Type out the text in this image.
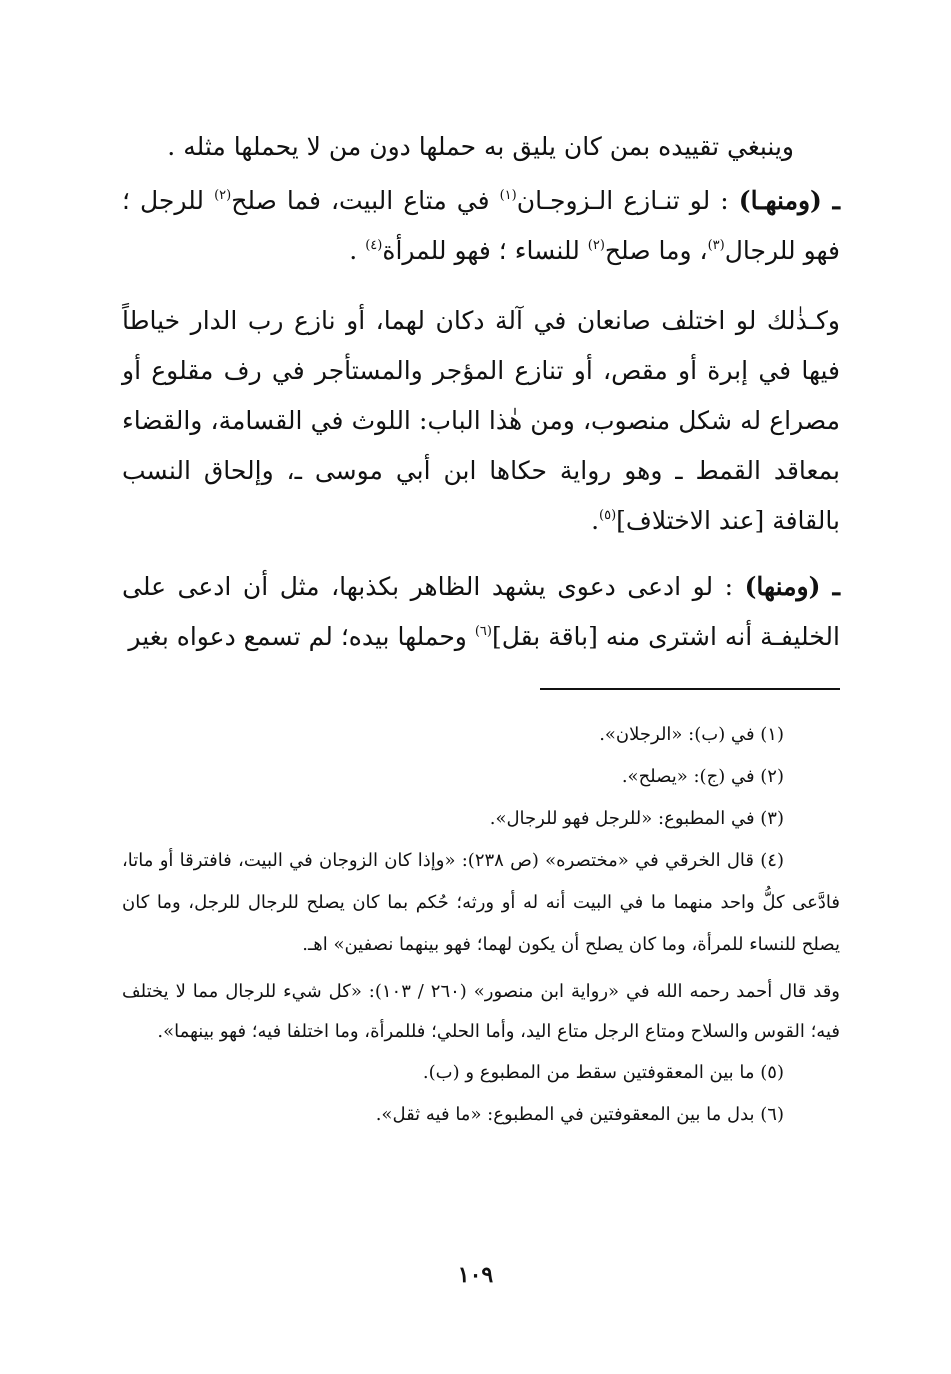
وينبغي تقييده بمن كان يليق به حملها دون من لا يحملها مثله .

ـ (ومنهـا) : لو تنـازع الـزوجـان$^{(١)}$ في متاع البيت، فما صلح$^{(٢)}$ للرجل ؛ فهو للرجال$^{(٣)}$، وما صلح$^{(٢)}$ للنساء ؛ فهو للمرأة$^{(٤)}$ .

وكـذٰلك لو اختلف صانعان في آلة دكان لهما، أو نازع رب الدار خياطاً فيها في إبرة أو مقص، أو تنازع المؤجر والمستأجر في رف مقلوع أو مصراع له شكل منصوب، ومن هٰذا الباب: اللوث في القسامة، والقضاء بمعاقد القمط ـ وهو رواية حكاها ابن أبي موسى ـ، وإلحاق النسب بالقافة [عند الاختلاف]$^{(٥)}$.

ـ (ومنها) : لو ادعى دعوى يشهد الظاهر بكذبها، مثل أن ادعى على الخليفـة أنه اشترى منه [باقة بقل]$^{(٦)}$ وحملها بيده؛ لم تسمع دعواه بغير

(١) في (ب): «الرجلان».

(٢) في (ج): «يصلح».

(٣) في المطبوع: «للرجل فهو للرجال».

(٤) قال الخرقي في «مختصره» (ص ٢٣٨): «وإذا كان الزوجان في البيت، فافترقا أو ماتا، فادَّعى كلُّ واحد منهما ما في البيت أنه له أو ورثه؛ حُكم بما كان يصلح للرجال للرجل، وما كان يصلح للنساء للمرأة، وما كان يصلح أن يكون لهما؛ فهو بينهما نصفين» اهـ.

وقد قال أحمد رحمه الله في «رواية ابن منصور» (٢٦٠ / ١٠٣): «كل شيء للرجال مما لا يختلف فيه؛ القوس والسلاح ومتاع الرجل متاع اليد، وأما الحلي؛ فللمرأة، وما اختلفا فيه؛ فهو بينهما».

(٥) ما بين المعقوفتين سقط من المطبوع و (ب).

(٦) بدل ما بين المعقوفتين في المطبوع: «ما فيه ثقل».

١٠٩
